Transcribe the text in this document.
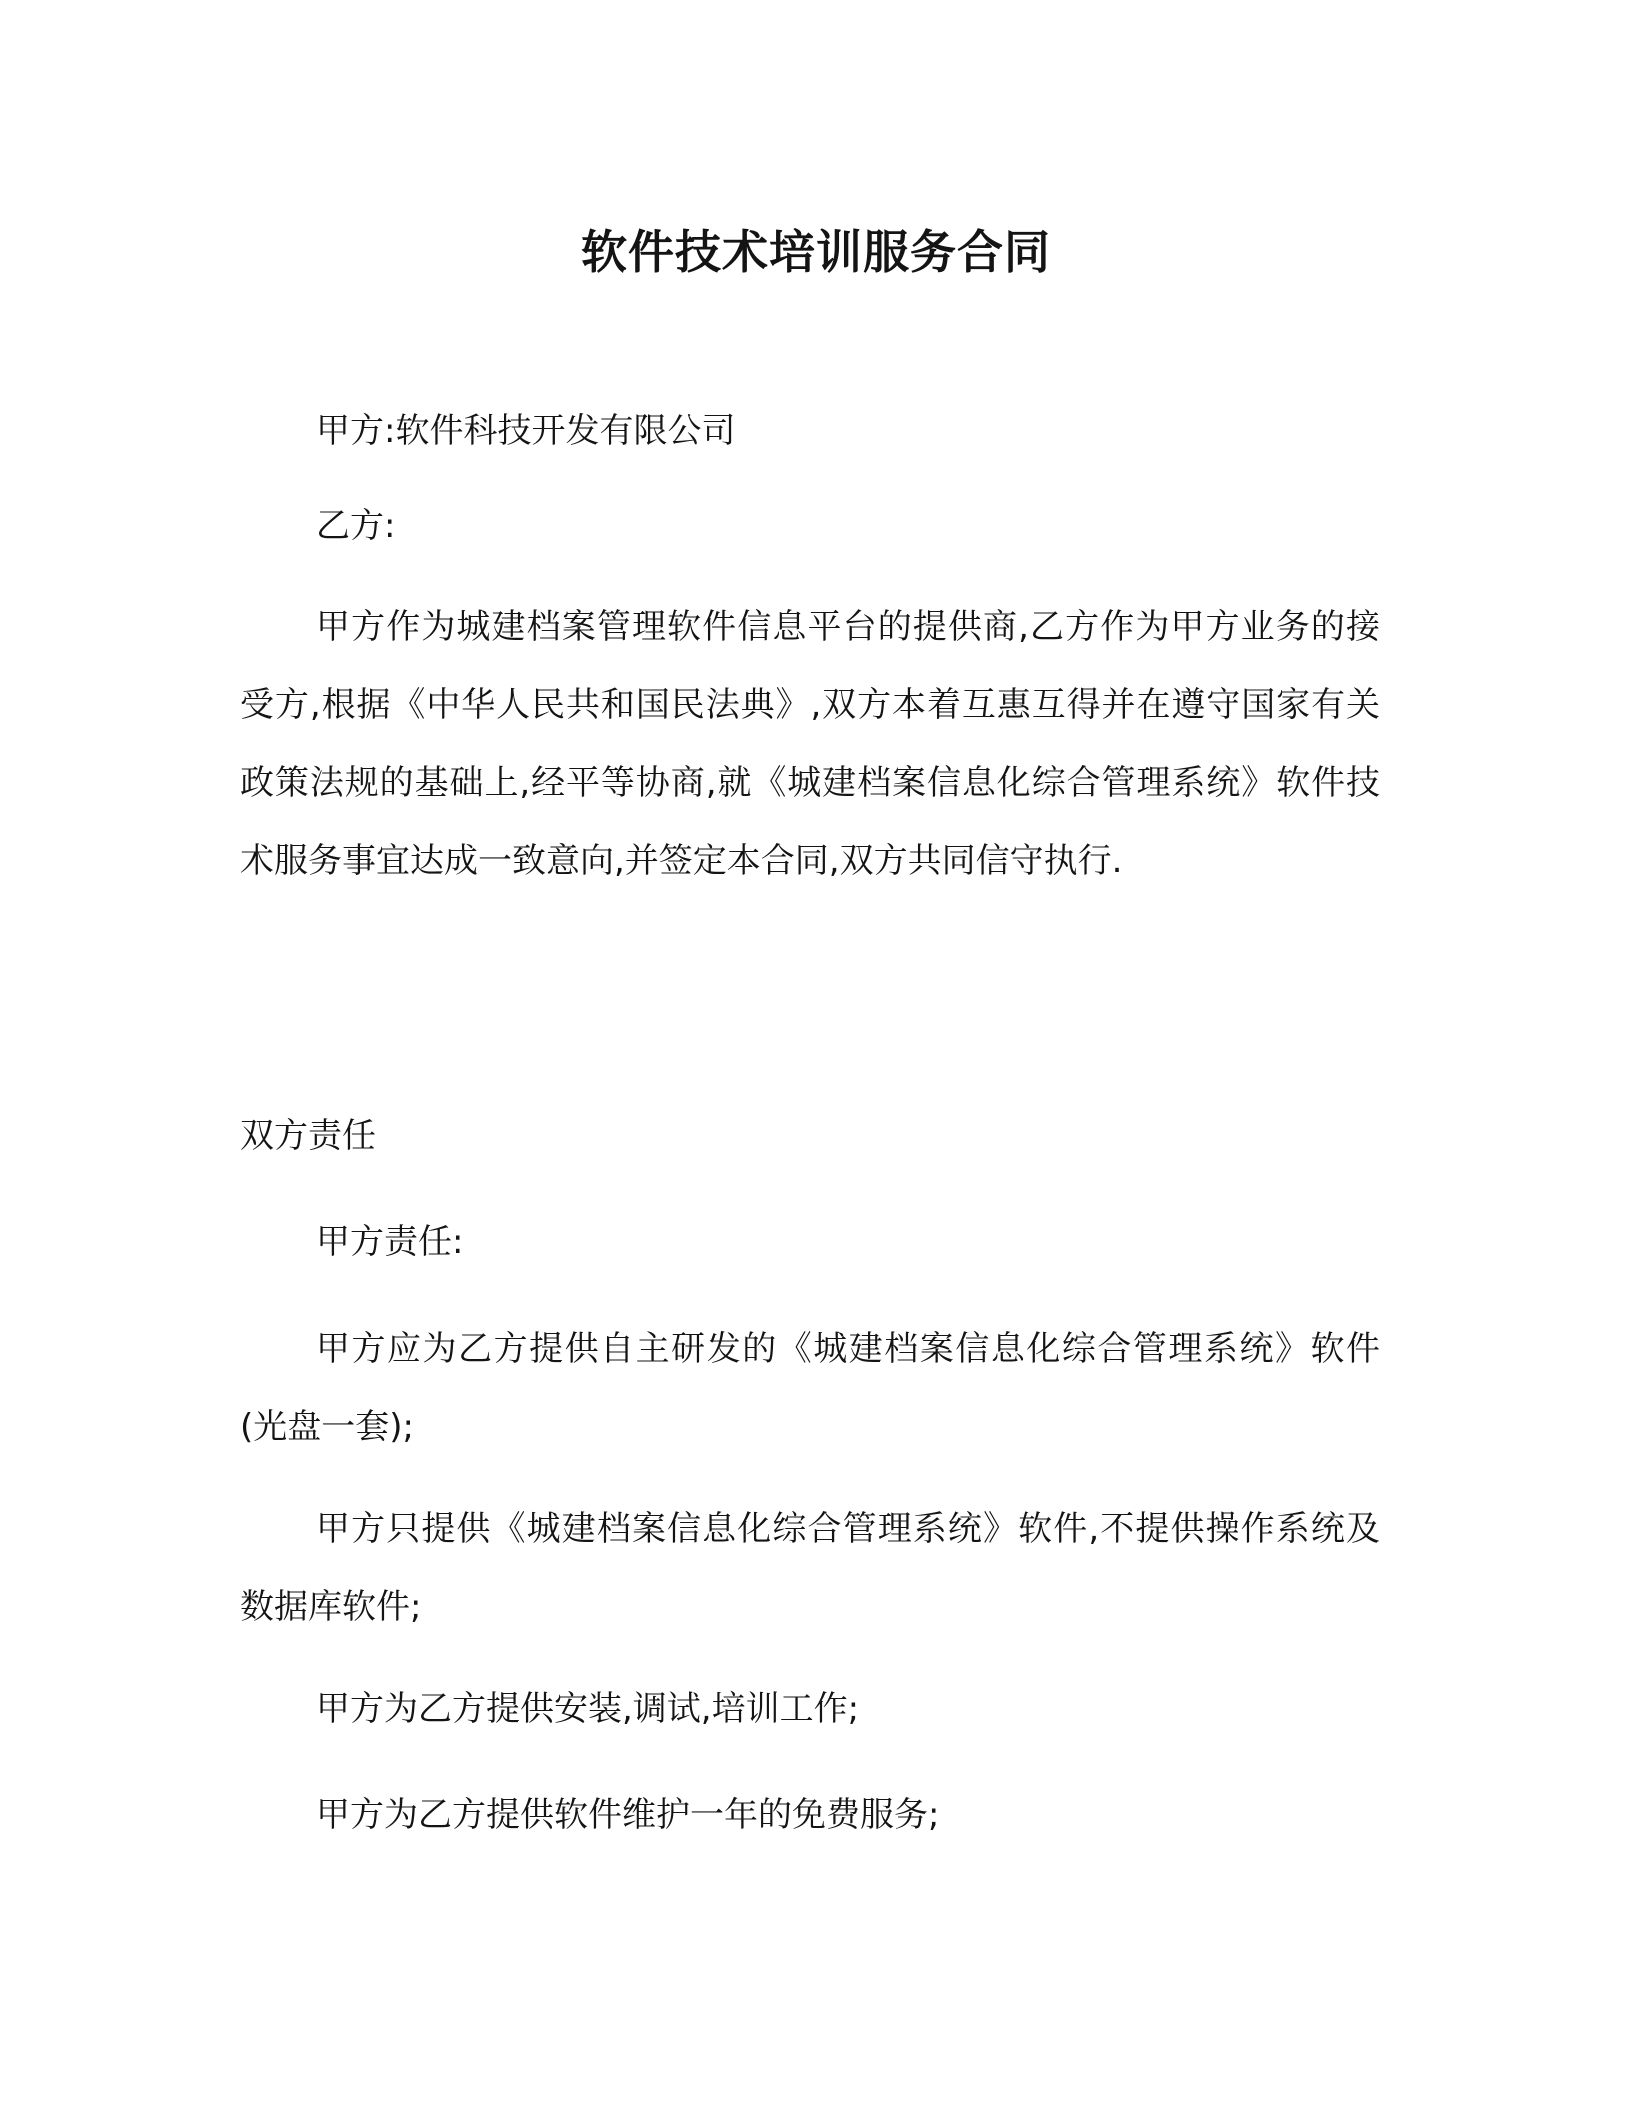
软件技术培训服务合同

甲方:软件科技开发有限公司

乙方:

甲方作为城建档案管理软件信息平台的提供商,乙方作为甲方业务的接受方,根据《中华人民共和国民法典》,双方本着互惠互得并在遵守国家有关政策法规的基础上,经平等协商,就《城建档案信息化综合管理系统》软件技术服务事宜达成一致意向,并签定本合同,双方共同信守执行.

双方责任

甲方责任:

甲方应为乙方提供自主研发的《城建档案信息化综合管理系统》软件(光盘一套);

甲方只提供《城建档案信息化综合管理系统》软件,不提供操作系统及数据库软件;

甲方为乙方提供安装,调试,培训工作;

甲方为乙方提供软件维护一年的免费服务;
